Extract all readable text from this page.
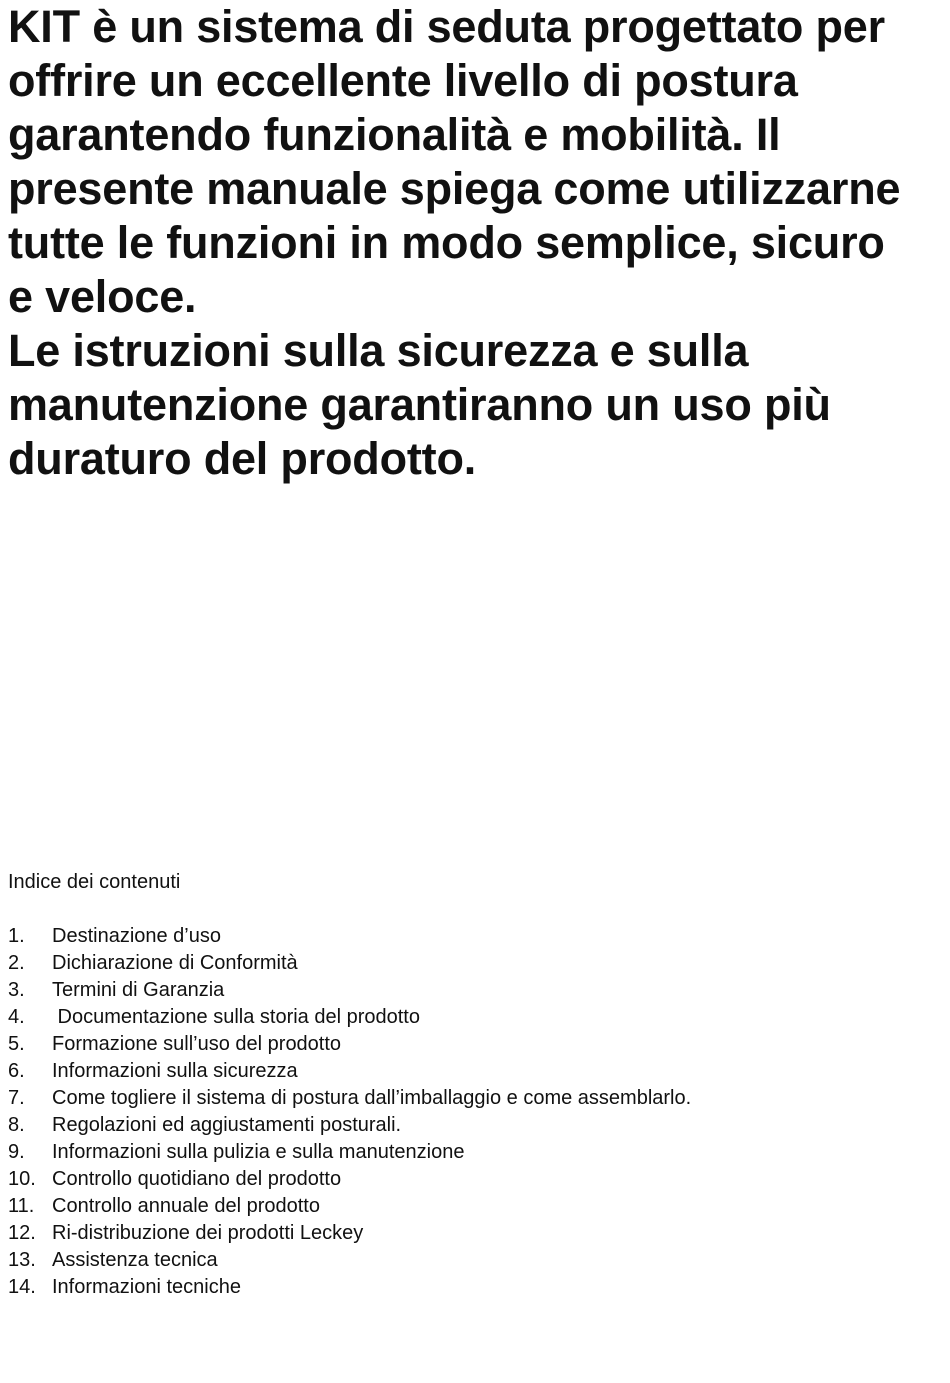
KIT è un sistema di seduta progettato per offrire un eccellente livello di postura garantendo funzionalità e mobilità. Il presente manuale spiega come utilizzarne tutte le funzioni in modo semplice, sicuro e veloce.

Le istruzioni sulla sicurezza e sulla manutenzione garantiranno un uso più duraturo del prodotto.

Indice dei contenuti
1.	Destinazione d’uso
2.	Dichiarazione di Conformità
3.	Termini di Garanzia
4.	Documentazione sulla storia del prodotto
5.	Formazione sull’uso del prodotto
6.	Informazioni sulla sicurezza
7.	Come togliere il sistema di postura dall’imballaggio e come assemblarlo.
8.	Regolazioni ed aggiustamenti posturali.
9.	Informazioni sulla pulizia e sulla manutenzione
10. Controllo quotidiano del prodotto
11. Controllo annuale del prodotto
12. Ri-distribuzione dei prodotti Leckey
13. Assistenza tecnica
14. Informazioni tecniche
